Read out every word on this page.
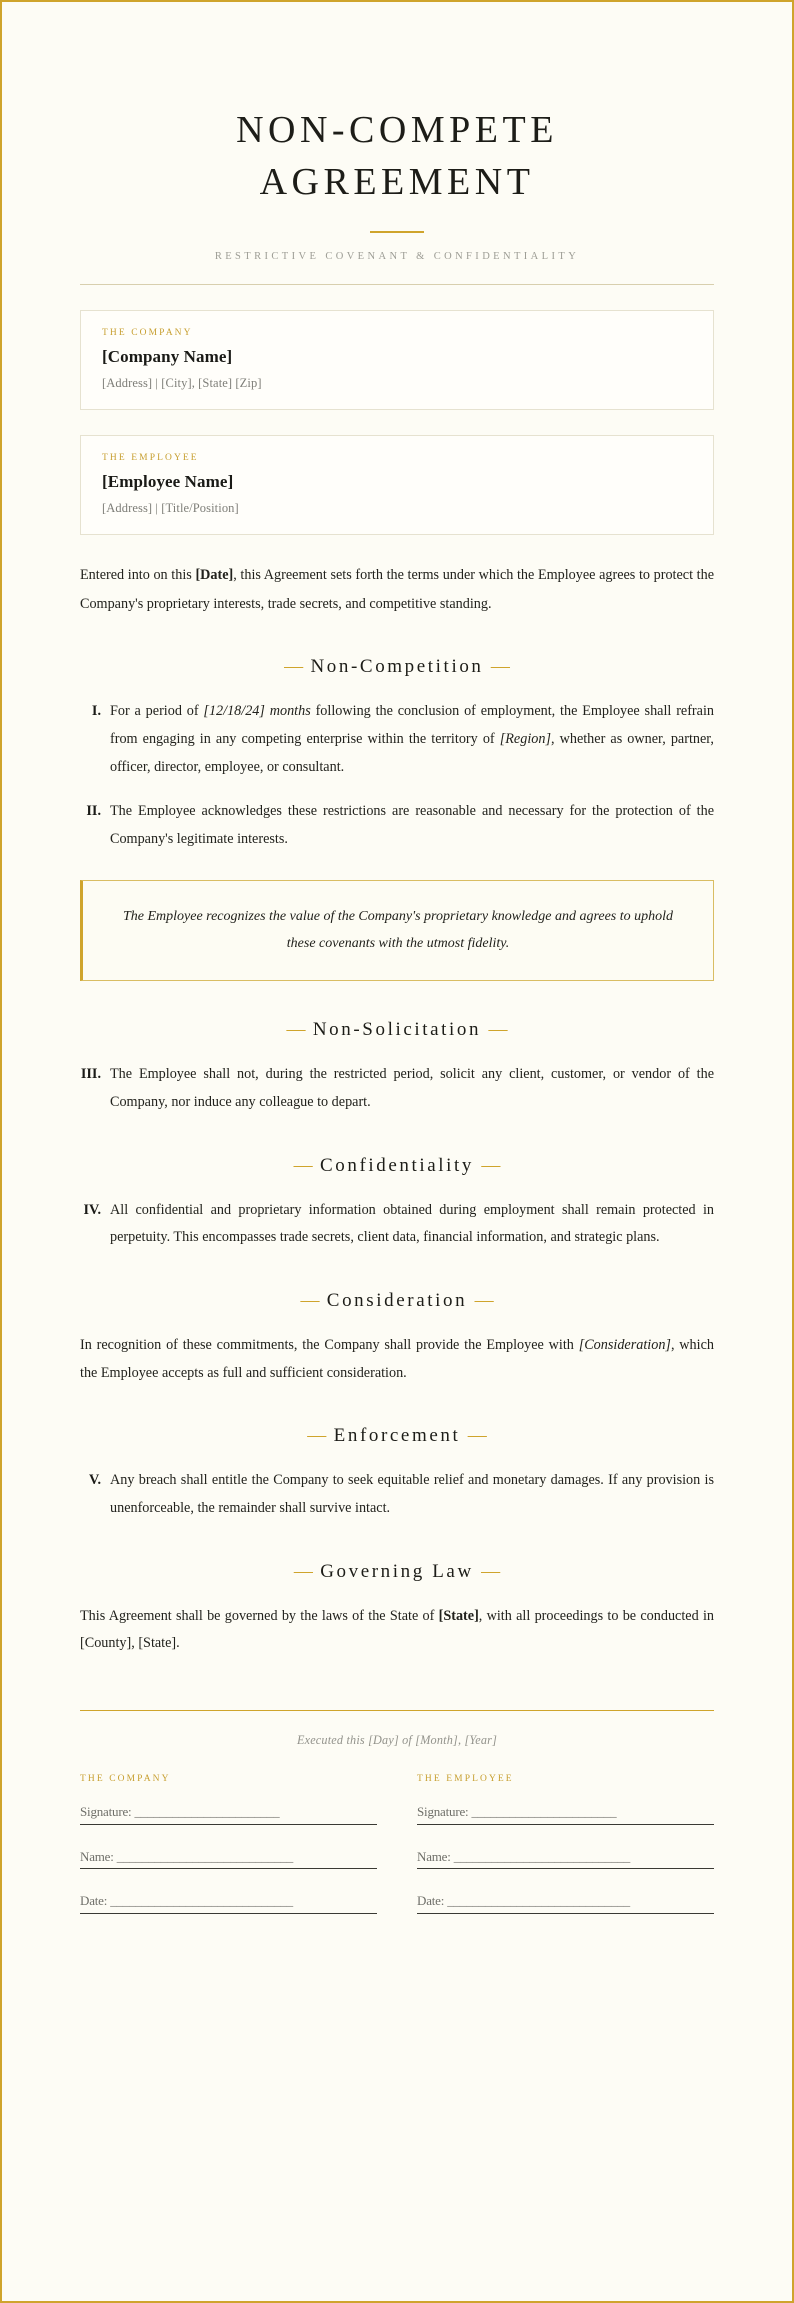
NON-COMPETE AGREEMENT
RESTRICTIVE COVENANT & CONFIDENTIALITY
THE COMPANY
[Company Name]
[Address] | [City], [State] [Zip]
THE EMPLOYEE
[Employee Name]
[Address] | [Title/Position]

Entered into on this [Date], this Agreement sets forth the terms under which the Employee agrees to protect the Company's proprietary interests, trade secrets, and competitive standing.

— Non-Competition —
I. For a period of [12/18/24] months following the conclusion of employment, the Employee shall refrain from engaging in any competing enterprise within the territory of [Region], whether as owner, partner, officer, director, employee, or consultant.
II. The Employee acknowledges these restrictions are reasonable and necessary for the protection of the Company's legitimate interests.
The Employee recognizes the value of the Company's proprietary knowledge and agrees to uphold these covenants with the utmost fidelity.
— Non-Solicitation —
III. The Employee shall not, during the restricted period, solicit any client, customer, or vendor of the Company, nor induce any colleague to depart.
— Confidentiality —
IV. All confidential and proprietary information obtained during employment shall remain protected in perpetuity. This encompasses trade secrets, client data, financial information, and strategic plans.
— Consideration —

In recognition of these commitments, the Company shall provide the Employee with [Consideration], which the Employee accepts as full and sufficient consideration.

— Enforcement —
V. Any breach shall entitle the Company to seek equitable relief and monetary damages. If any provision is unenforceable, the remainder shall survive intact.
— Governing Law —

This Agreement shall be governed by the laws of the State of [State], with all proceedings to be conducted in [County], [State].

Executed this [Day] of [Month], [Year]
THE COMPANY
Signature: _______________________
Name: ____________________________
Date: _____________________________
THE EMPLOYEE
Signature: _______________________
Name: ____________________________
Date: _____________________________
